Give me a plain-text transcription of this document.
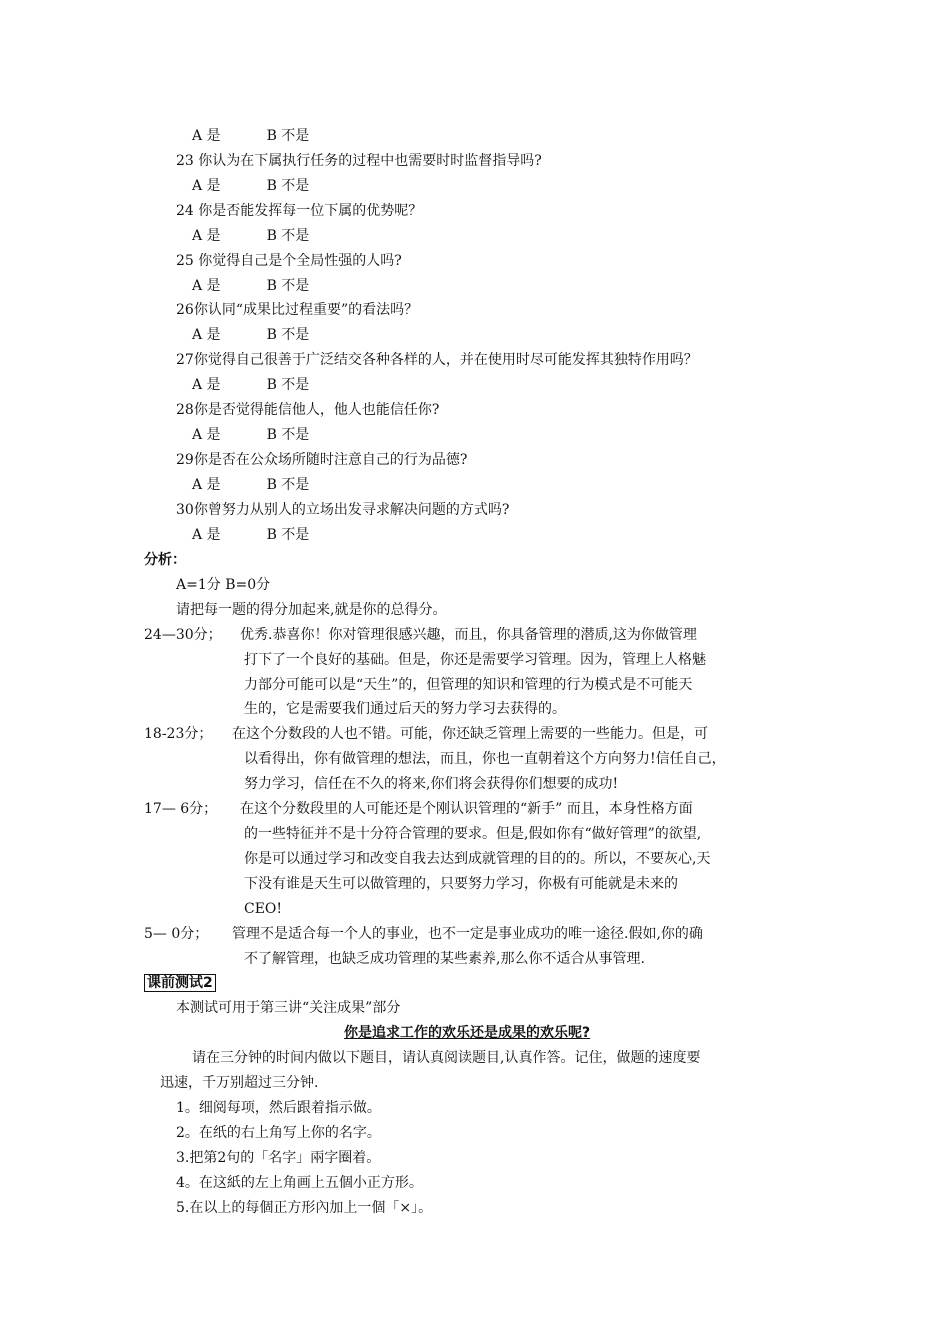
A 是	B 不是
23 你认为在下属执行任务的过程中也需要时时监督指导吗?
A 是	B 不是
24 你是否能发挥每一位下属的优势呢？
A 是	B 不是
25 你觉得自己是个全局性强的人吗?
A 是	B 不是
26你认同“成果比过程重要”的看法吗？
A 是	B 不是
27你觉得自己很善于广泛结交各种各样的人，并在使用时尽可能发挥其独特作用吗？
A 是	B 不是
28你是否觉得能信他人，他人也能信任你?
A 是	B 不是
29你是否在公众场所随时注意自己的行为品德?
A 是	B 不是
30你曾努力从别人的立场出发寻求解决问题的方式吗?
A 是	B 不是
分析：
A=1分 B=0分
请把每一题的得分加起来,就是你的总得分。
24—30分； 优秀.恭喜你！你对管理很感兴趣，而且，你具备管理的潜质,这为你做管理
打下了一个良好的基础。但是，你还是需要学习管理。因为，管理上人格魅
力部分可能可以是“天生”的，但管理的知识和管理的行为模式是不可能天
生的，它是需要我们通过后天的努力学习去获得的。
18-23分； 在这个分数段的人也不错。可能，你还缺乏管理上需要的一些能力。但是，可
以看得出，你有做管理的想法，而且，你也一直朝着这个方向努力!信任自己，
努力学习，信任在不久的将来,你们将会获得你们想要的成功!
17— 6分； 在这个分数段里的人可能还是个刚认识管理的“新手” 而且，本身性格方面
的一些特征并不是十分符合管理的要求。但是,假如你有“做好管理”的欲望,
你是可以通过学习和改变自我去达到成就管理的目的的。所以，不要灰心,天
下没有谁是天生可以做管理的，只要努力学习，你极有可能就是未来的
CEO!
5— 0分； 管理不是适合每一个人的事业，也不一定是事业成功的唯一途径.假如,你的确
不了解管理，也缺乏成功管理的某些素养,那么你不适合从事管理.
课前测试2
本测试可用于第三讲“关注成果”部分
你是追求工作的欢乐还是成果的欢乐呢?
请在三分钟的时间内做以下题目，请认真阅读题目,认真作答。记住，做题的速度要
迅速，千万别超过三分钟.
1。细阅每项，然后跟着指示做。
2。在纸的右上角写上你的名字。
3.把第2句的「名字」兩字圈着。
4。在这紙的左上角画上五個小正方形。
5.在以上的每個正方形內加上一個「×」。
